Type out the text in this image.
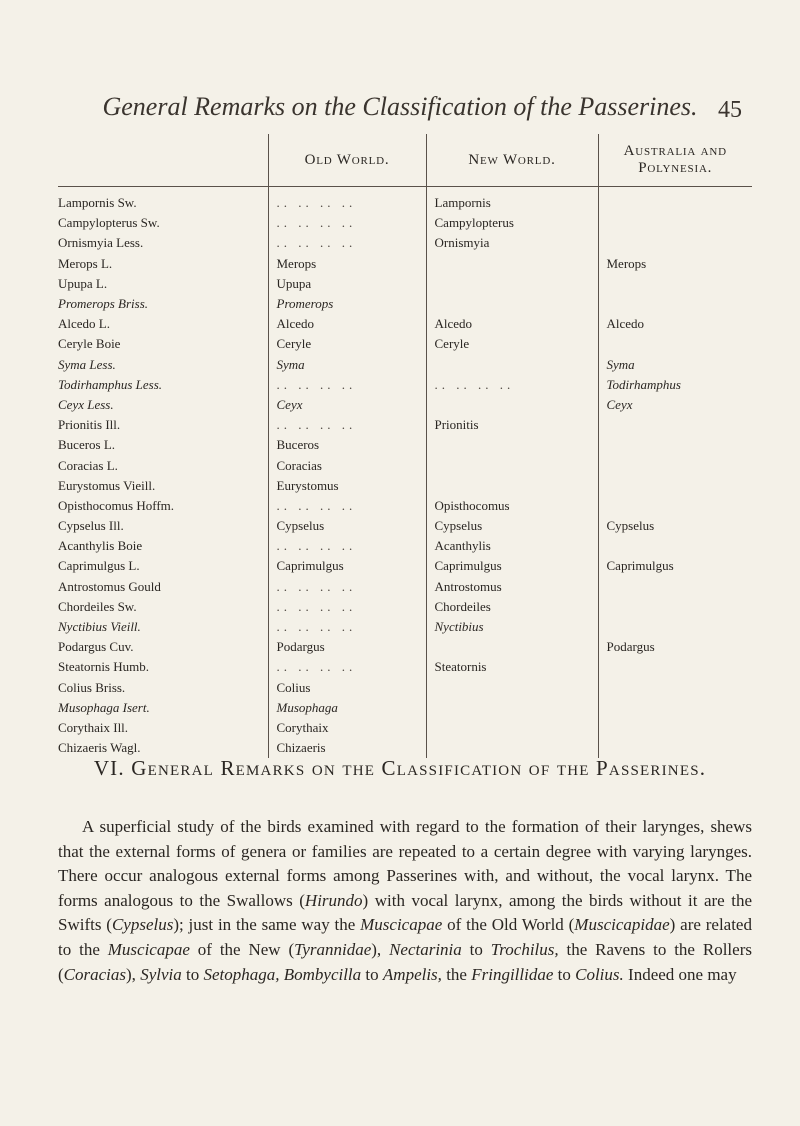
General Remarks on the Classification of the Passerines. 45
	Old World.	New World.	Australia and Polynesia.
Lampornis Sw.	.. .. .. ..	Lampornis	
Campylopterus Sw.	.. .. .. ..	Campylopterus	
Ornismyia Less.	.. .. .. ..	Ornismyia	
Merops L.	Merops		Merops
Upupa L.	Upupa		
Promerops Briss.	Promerops		
Alcedo L.	Alcedo	Alcedo	Alcedo
Ceryle Boie	Ceryle	Ceryle	
Syma Less.	Syma		Syma
Todirhamphus Less.	.. .. .. ..	.. .. .. ..	Todirhamphus
Ceyx Less.	Ceyx		Ceyx
Prionitis Ill.	.. .. .. ..	Prionitis	
Buceros L.	Buceros		
Coracias L.	Coracias		
Eurystomus Vieill.	Eurystomus		
Opisthocomus Hoffm.	.. .. .. ..	Opisthocomus	
Cypselus Ill.	Cypselus	Cypselus	Cypselus
Acanthylis Boie	.. .. .. ..	Acanthylis	
Caprimulgus L.	Caprimulgus	Caprimulgus	Caprimulgus
Antrostomus Gould	.. .. .. ..	Antrostomus	
Chordeiles Sw.	.. .. .. ..	Chordeiles	
Nyctibius Vieill.	.. .. .. ..	Nyctibius	
Podargus Cuv.	Podargus		Podargus
Steatornis Humb.	.. .. .. ..	Steatornis	
Colius Briss.	Colius		
Musophaga Isert.	Musophaga		
Corythaix Ill.	Corythaix		
Chizaeris Wagl.	Chizaeris		
VI. General Remarks on the Classification of the Passerines.

A superficial study of the birds examined with regard to the formation of their larynges, shews that the external forms of genera or families are repeated to a certain degree with varying larynges. There occur analogous external forms among Passerines with, and without, the vocal larynx. The forms analogous to the Swallows (Hirundo) with vocal larynx, among the birds without it are the Swifts (Cypselus); just in the same way the Muscicapae of the Old World (Muscicapidae) are related to the Muscicapae of the New (Tyrannidae), Nectarinia to Trochilus, the Ravens to the Rollers (Coracias), Sylvia to Setophaga, Bombycilla to Ampelis, the Fringillidae to Colius. Indeed one may
